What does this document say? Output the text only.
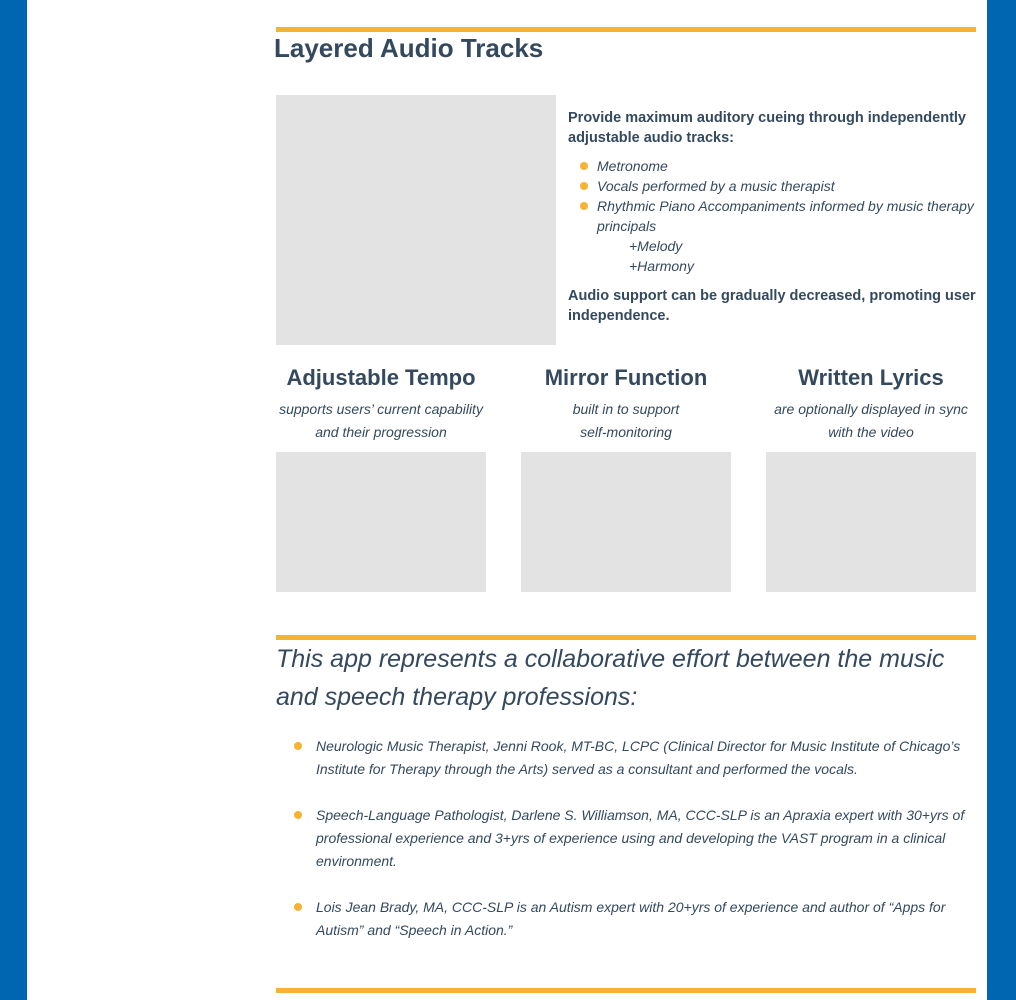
Layered Audio Tracks

Provide maximum auditory cueing through independently adjustable audio tracks:

Metronome
Vocals performed by a music therapist
Rhythmic Piano Accompaniments informed by music therapy principals
+Melody
+Harmony

Audio support can be gradually decreased, promoting user independence.

Adjustable Tempo

supports users’ current capability
and their progression

Mirror Function

built in to support
self-monitoring

Written Lyrics

are optionally displayed in sync
with the video

This app represents a collaborative effort between the music and speech therapy professions:
Neurologic Music Therapist, Jenni Rook, MT-BC, LCPC (Clinical Director for Music Institute of Chicago’s Institute for Therapy through the Arts) served as a consultant and performed the vocals.
Speech-Language Pathologist, Darlene S. Williamson, MA, CCC-SLP is an Apraxia expert with 30+yrs of professional experience and 3+yrs of experience using and developing the VAST program in a clinical environment.
Lois Jean Brady, MA, CCC-SLP is an Autism expert with 20+yrs of experience and author of “Apps for Autism” and “Speech in Action.”
